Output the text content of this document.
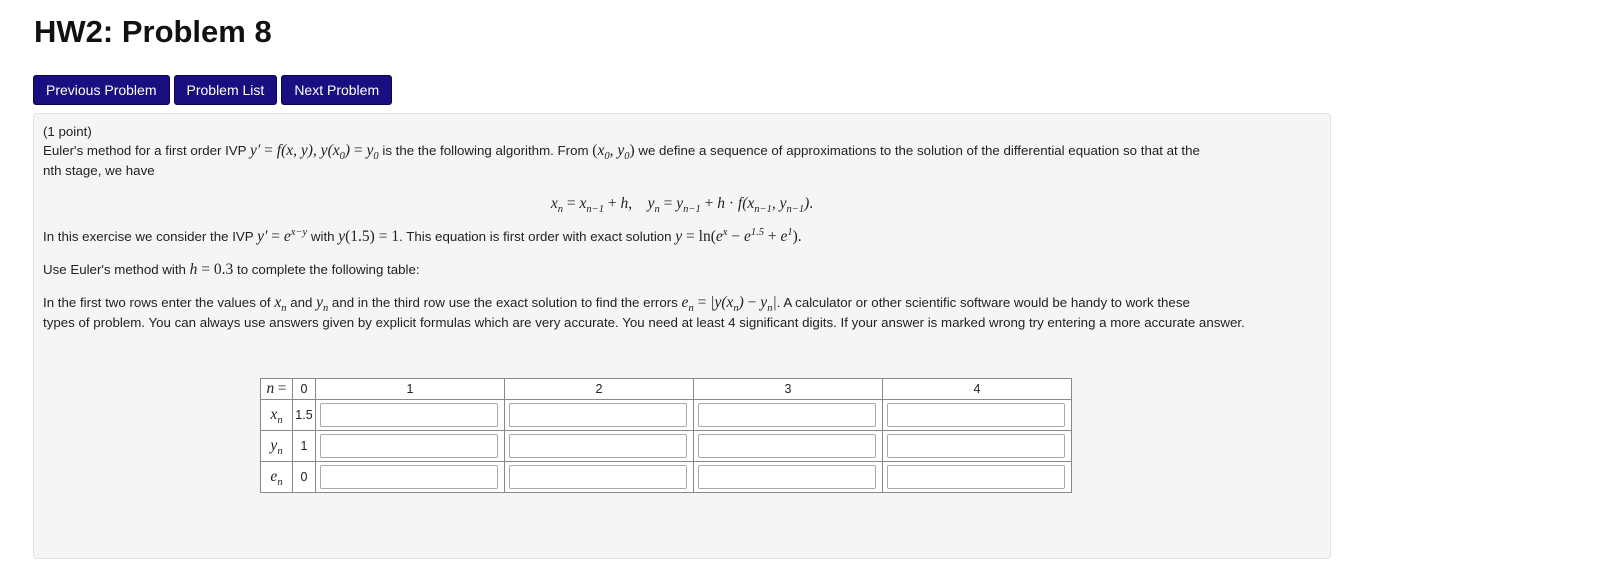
HW2: Problem 8
Previous Problem	Problem List	Next Problem
(1 point)
Euler's method for a first order IVP y′ = f(x, y), $y(x_0) = y_0$ is the the following algorithm. From ($x_0$, $y_0$) we define a sequence of approximations to the solution of the differential equation so that at the
nth stage, we have
$x_n = x_{n-1} + h$,    $y_n = y_{n-1} + h \cdot f(x_{n-1}$, $y_{n-1}$).
In this exercise we consider the IVP $y' = e^{x-y}$ with y(1.5) = 1. This equation is first order with exact solution $y = \ln(e^x - e^{1.5} + e^1)$.
Use Euler's method with h = 0.3 to complete the following table:
In the first two rows enter the values of $x_n$ and $y_n$ and in the third row use the exact solution to find the errors $e_n = |y(x_n) - y_n|$. A calculator or other scientific software would be handy to work these
types of problem. You can always use answers given by explicit formulas which are very accurate. You need at least 4 significant digits. If your answer is marked wrong try entering a more accurate answer.
n =	0	1	2	3	4
$x_n$	1.5	

$y_n$	1	

$e_n$	0	
